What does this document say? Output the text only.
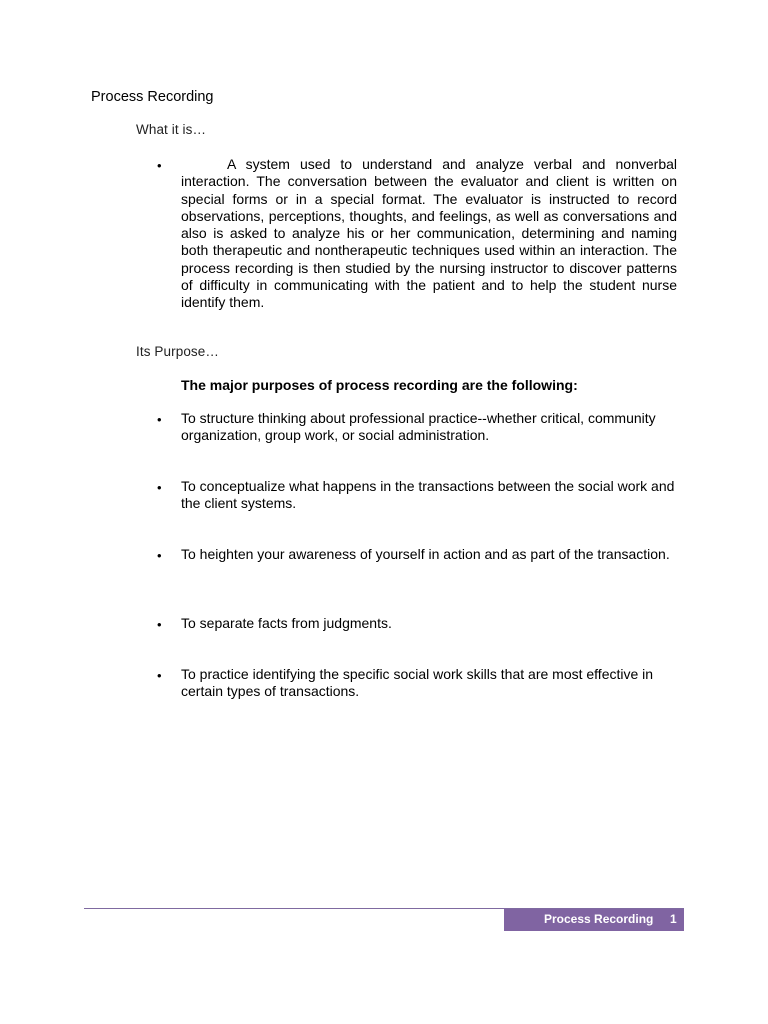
Process Recording
What it is…
•	A system used to understand and analyze verbal and nonverbal interaction. The conversation between the evaluator and client is written on special forms or in a special format. The evaluator is instructed to record observations, perceptions, thoughts, and feelings, as well as conversations and also is asked to analyze his or her communication, determining and naming both therapeutic and nontherapeutic techniques used within an interaction. The process recording is then studied by the nursing instructor to discover patterns of difficulty in communicating with the patient and to help the student nurse identify them.

Its Purpose…

The major purposes of process recording are the following:

• To structure thinking about professional practice--whether critical, community organization, group work, or social administration.

• To conceptualize what happens in the transactions between the social work and the client systems.

• To heighten your awareness of yourself in action and as part of the transaction.

• To separate facts from judgments.

• To practice identifying the specific social work skills that are most effective in certain types of transactions.

Process Recording 1
